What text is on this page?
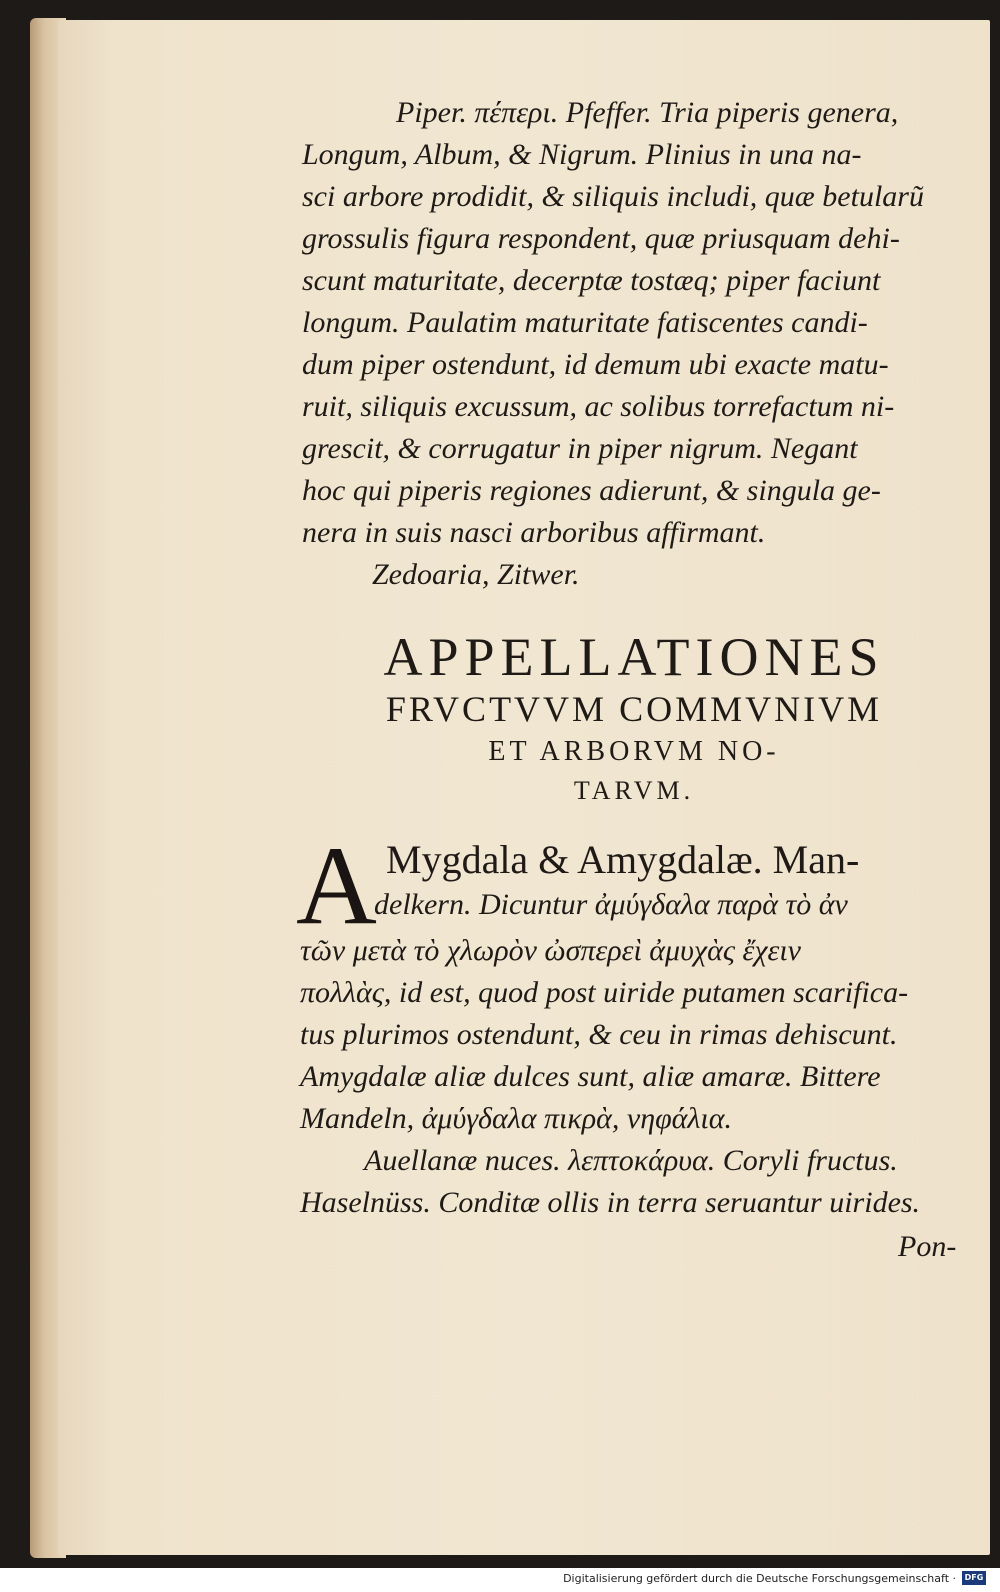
Piper. πέπερι. Pfeffer. Tria piperis genera,
Longum, Album, & Nigrum. Plinius in una na-
sci arbore prodidit, & siliquis includi, quæ betularũ
grossulis figura respondent, quæ priusquam dehi-
scunt maturitate, decerptæ tostæq; piper faciunt
longum. Paulatim maturitate fatiscentes candi-
dum piper ostendunt, id demum ubi exacte matu-
ruit, siliquis excussum, ac solibus torrefactum ni-
grescit, & corrugatur in piper nigrum. Negant
hoc qui piperis regiones adierunt, & singula ge-
nera in suis nasci arboribus affirmant.
Zedoaria, Zitwer.
APPELLATIONES
FRVCTVVM COMMVNIVM
ET ARBORVM NO-
TARVM.
A Mygdala & Amygdalæ. Man-
delkern. Dicuntur ἀμύγδαλα παρὰ τὸ ἀν
τῶν μετὰ τὸ χλωρὸν ὠσπερεὶ ἀμυχὰς ἔχειν
πολλὰς, id est, quod post uiride putamen scarifica-
tus plurimos ostendunt, & ceu in rimas dehiscunt.
Amygdalæ aliæ dulces sunt, aliæ amaræ. Bittere
Mandeln, ἀμύγδαλα πικρὰ, νηφάλια.
Auellanæ nuces. λεπτοκάρυα. Coryli fructus.
Haselnüss. Conditæ ollis in terra seruantur uirides.
Pon-
Digitalisierung gefördert durch die Deutsche Forschungsgemeinschaft ·	DFG
